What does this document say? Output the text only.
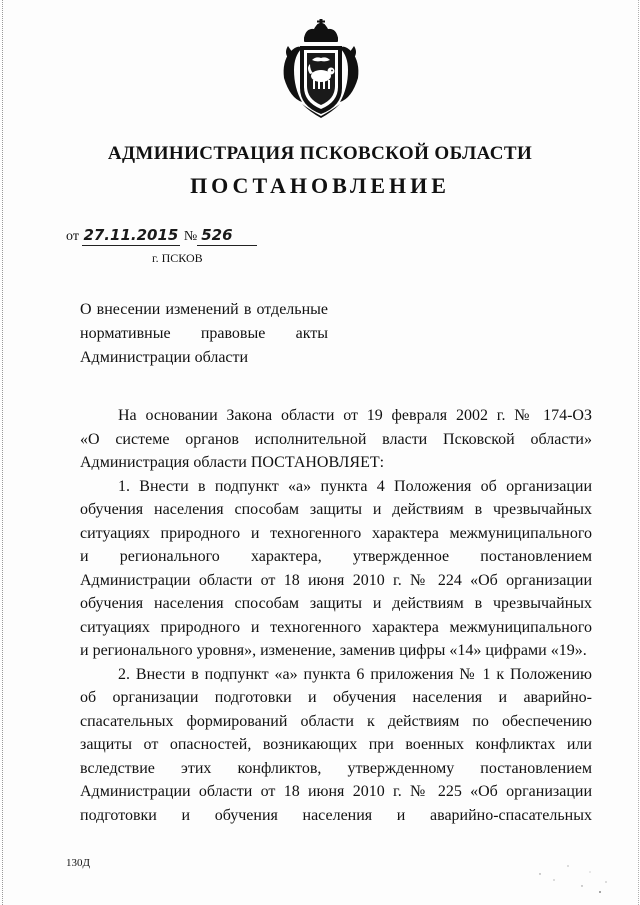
АДМИНИСТРАЦИЯ ПСКОВСКОЙ ОБЛАСТИ
ПОСТАНОВЛЕНИЕ
от 27.11.2015 № 526
г. ПСКОВ
О внесении изменений в отдельные
нормативные правовые акты
Администрации области
На основании Закона области от 19 февраля 2002 г. № 174-ОЗ
«О системе органов исполнительной власти Псковской области»
Администрация области ПОСТАНОВЛЯЕТ:
1. Внести в подпункт «а» пункта 4 Положения об организации
обучения населения способам защиты и действиям в чрезвычайных
ситуациях природного и техногенного характера межмуниципального
и регионального характера, утвержденное постановлением
Администрации области от 18 июня 2010 г. № 224 «Об организации
обучения населения способам защиты и действиям в чрезвычайных
ситуациях природного и техногенного характера межмуниципального
и регионального уровня», изменение, заменив цифры «14» цифрами «19».
2. Внести в подпункт «а» пункта 6 приложения № 1 к Положению
об организации подготовки и обучения населения и аварийно-
спасательных формирований области к действиям по обеспечению
защиты от опасностей, возникающих при военных конфликтах или
вследствие этих конфликтов, утвержденному постановлением
Администрации области от 18 июня 2010 г. № 225 «Об организации
подготовки и обучения населения и аварийно-спасательных
130Д
